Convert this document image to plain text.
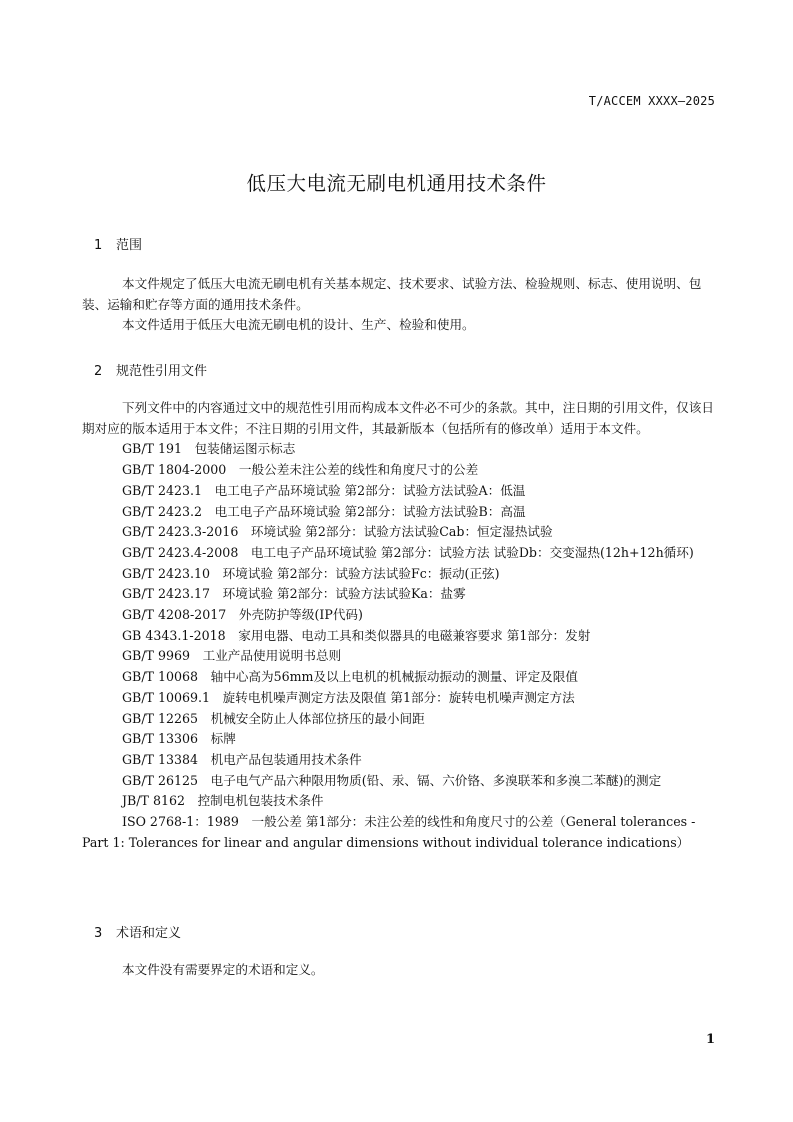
T/ACCEM XXXX—2025
低压大电流无刷电机通用技术条件
1 范围

本文件规定了低压大电流无刷电机有关基本规定、技术要求、试验方法、检验规则、标志、使用说明、包装、运输和贮存等方面的通用技术条件。

本文件适用于低压大电流无刷电机的设计、生产、检验和使用。

2 规范性引用文件

下列文件中的内容通过文中的规范性引用而构成本文件必不可少的条款。其中，注日期的引用文件，仅该日期对应的版本适用于本文件；不注日期的引用文件，其最新版本（包括所有的修改单）适用于本文件。

GB/T 191　包装储运图示标志

GB/T 1804-2000　一般公差未注公差的线性和角度尺寸的公差

GB/T 2423.1　电工电子产品环境试验 第2部分：试验方法试验A：低温

GB/T 2423.2　电工电子产品环境试验 第2部分：试验方法试验B：高温

GB/T 2423.3-2016　环境试验 第2部分：试验方法试验Cab：恒定湿热试验

GB/T 2423.4-2008　电工电子产品环境试验 第2部分：试验方法 试验Db：交变湿热(12h+12h循环)

GB/T 2423.10　环境试验 第2部分：试验方法试验Fc：振动(正弦)

GB/T 2423.17　环境试验 第2部分：试验方法试验Ka：盐雾

GB/T 4208-2017　外壳防护等级(IP代码)

GB 4343.1-2018　家用电器、电动工具和类似器具的电磁兼容要求 第1部分：发射

GB/T 9969　工业产品使用说明书总则

GB/T 10068　轴中心高为56mm及以上电机的机械振动振动的测量、评定及限值

GB/T 10069.1　旋转电机噪声测定方法及限值 第1部分：旋转电机噪声测定方法

GB/T 12265　机械安全防止人体部位挤压的最小间距

GB/T 13306　标牌

GB/T 13384　机电产品包装通用技术条件

GB/T 26125　电子电气产品六种限用物质(铅、汞、镉、六价铬、多溴联苯和多溴二苯醚)的测定

JB/T 8162　控制电机包装技术条件

ISO 2768-1：1989　一般公差 第1部分：未注公差的线性和角度尺寸的公差（General tolerances -Part 1: Tolerances for linear and angular dimensions without individual tolerance indications）

3 术语和定义

本文件没有需要界定的术语和定义。

1
